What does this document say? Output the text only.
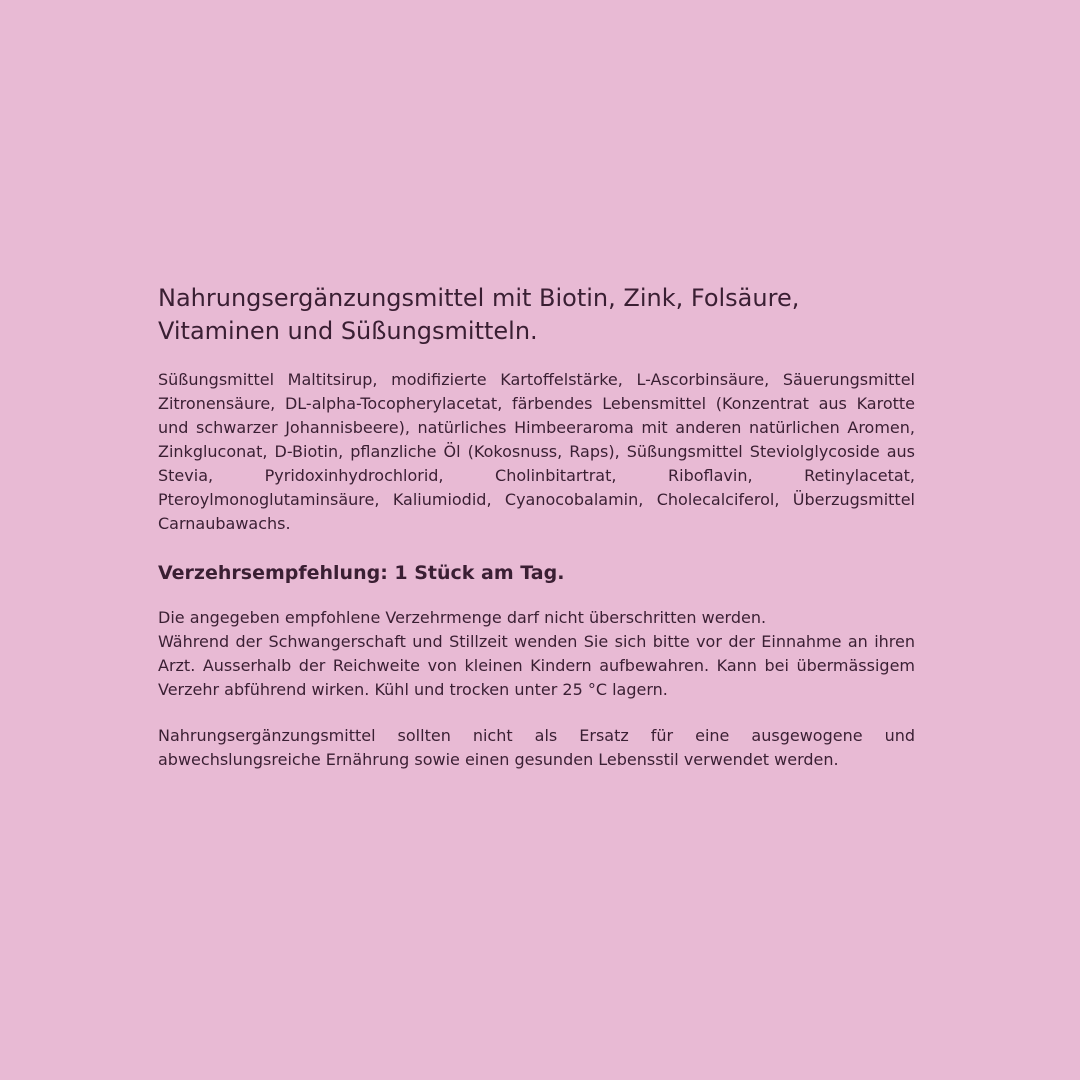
Nahrungsergänzungsmittel mit Biotin, Zink, Folsäure,
Vitaminen und Süßungsmitteln.

Süßungsmittel Maltitsirup, modifizierte Kartoffelstärke, L-Ascorbinsäure, Säuerungsmittel Zitronensäure, DL-alpha-Tocopherylacetat, färbendes Lebensmittel (Konzentrat aus Karotte und schwarzer Johannisbeere), natürliches Himbeeraroma mit anderen natürlichen Aromen, Zinkgluconat, D-Biotin, pflanzliche Öl (Kokosnuss, Raps), Süßungsmittel Steviolglycoside aus Stevia, Pyridoxinhydrochlorid, Cholinbitartrat, Riboflavin, Retinylacetat, Pteroylmonoglutaminsäure, Kaliumiodid, Cyanocobalamin, Cholecalciferol, Überzugsmittel Carnaubawachs.

Verzehrsempfehlung: 1 Stück am Tag.

Die angegeben empfohlene Verzehrmenge darf nicht überschritten werden.

Während der Schwangerschaft und Stillzeit wenden Sie sich bitte vor der Einnahme an ihren Arzt. Ausserhalb der Reichweite von kleinen Kindern aufbewahren. Kann bei übermässigem Verzehr abführend wirken. Kühl und trocken unter 25 °C lagern.

Nahrungsergänzungsmittel sollten nicht als Ersatz für eine ausgewogene und abwechslungsreiche Ernährung sowie einen gesunden Lebensstil verwendet werden.
